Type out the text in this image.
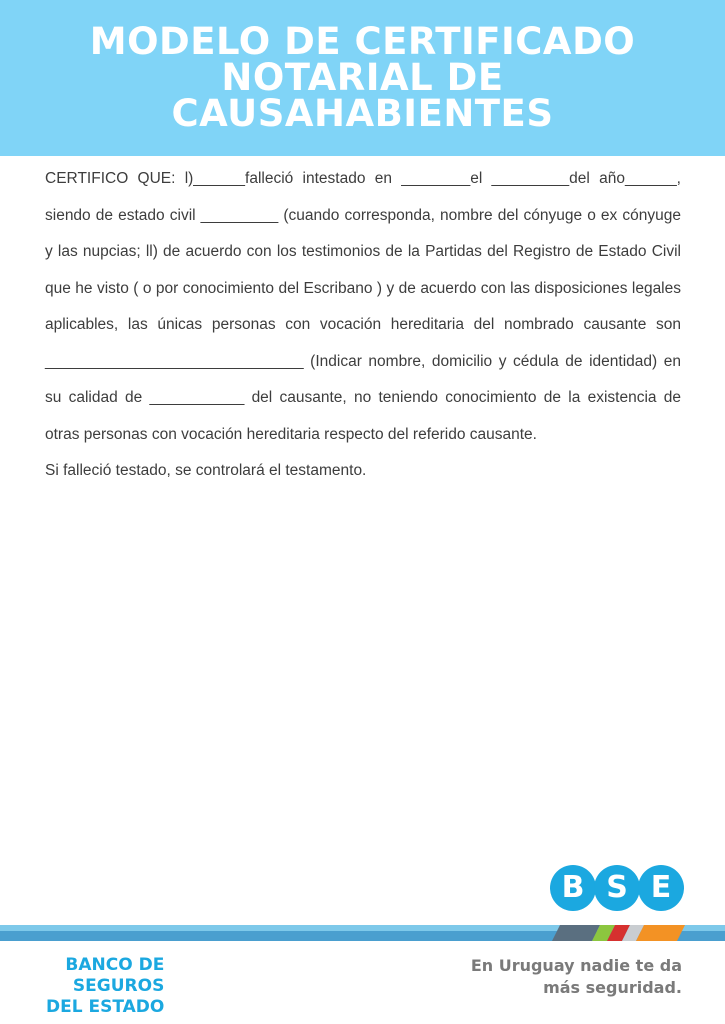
MODELO DE CERTIFICADO
NOTARIAL DE
CAUSAHABIENTES

CERTIFICO QUE: l)______falleció intestado en ________el _________del año______, siendo de estado civil _________ (cuando corresponda, nombre del cónyuge o ex cónyuge y las nupcias; ll) de acuerdo con los testimonios de la Partidas del Registro de Estado Civil que he visto ( o por conocimiento del Escribano ) y de acuerdo con las disposiciones legales aplicables, las únicas personas con vocación hereditaria del nombrado causante son ______________________________ (Indicar nombre, domicilio y cédula de identidad) en su calidad de ___________ del causante, no teniendo conocimiento de la existencia de otras personas con vocación hereditaria respecto del referido causante.

Si falleció testado, se controlará el testamento.

B S E
BANCO DE
SEGUROS
DEL ESTADO

En Uruguay nadie te da
más seguridad.
